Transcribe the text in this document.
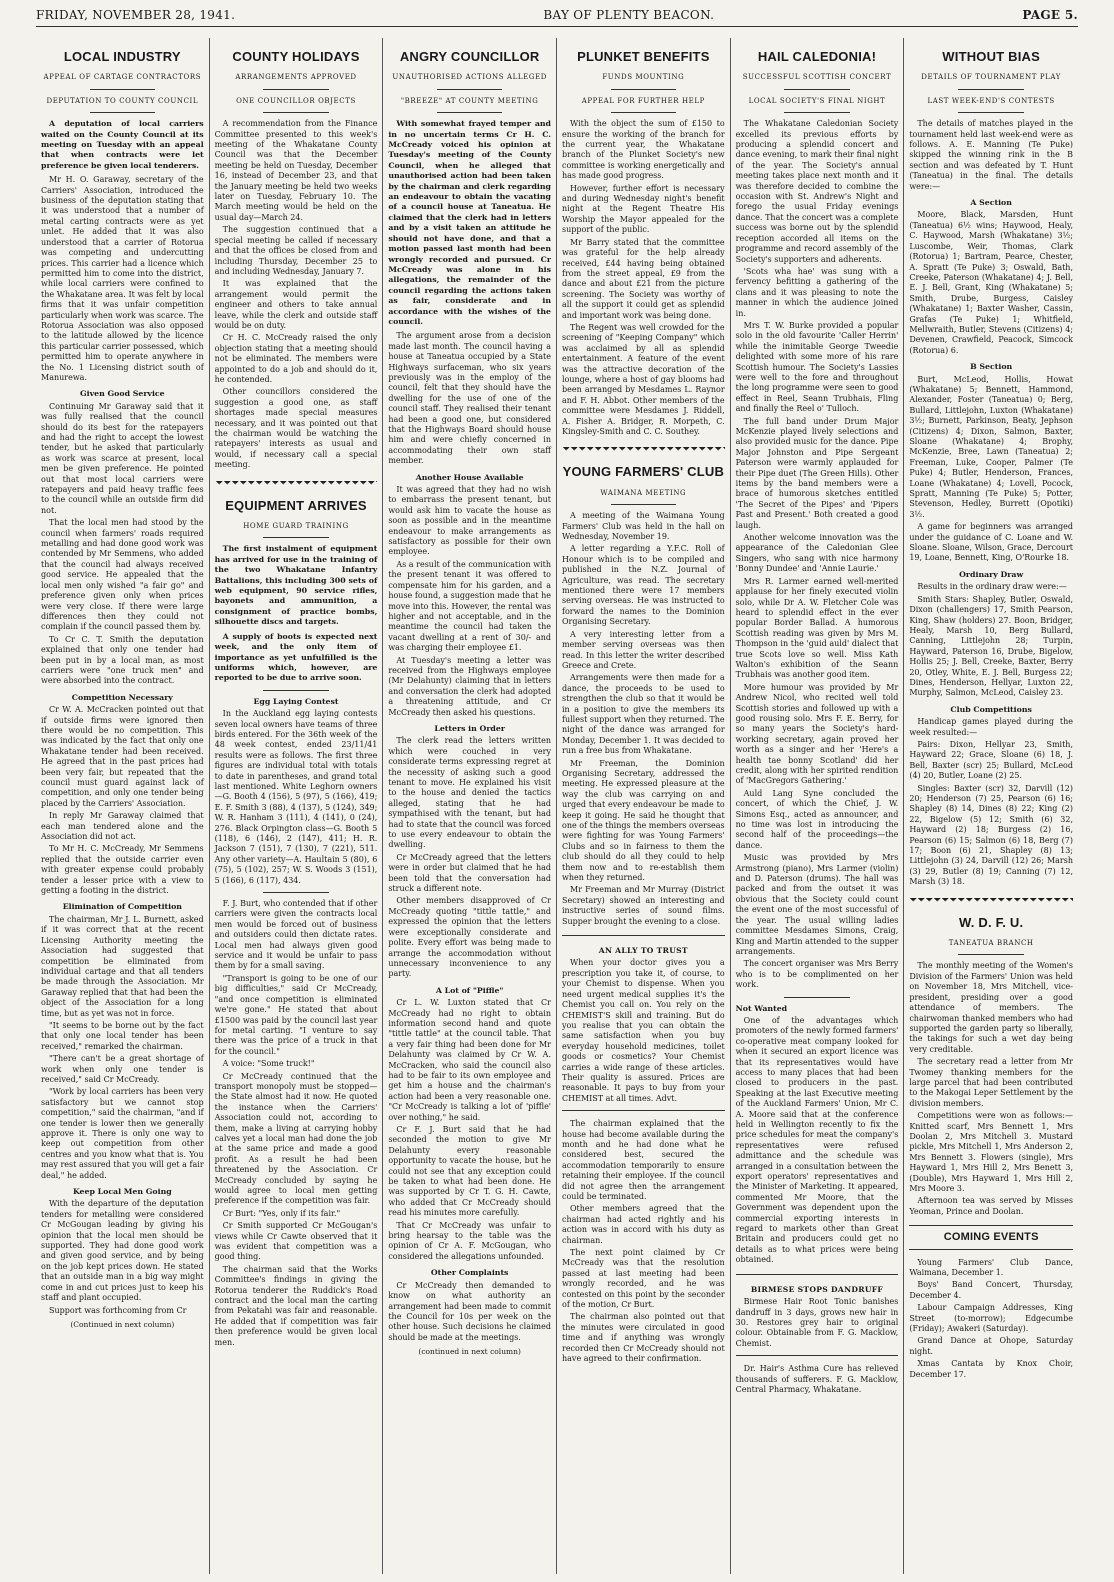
FRIDAY, NOVEMBER 28, 1941.	BAY OF PLENTY BEACON.	PAGE 5.
LOCAL INDUSTRY
APPEAL OF CARTAGE CONTRACTORS
DEPUTATION TO COUNTY COUNCIL

A deputation of local carriers waited on the County Council at its meeting on Tuesday with an appeal that when contracts were let preference be given local tenderers.

Mr H. O. Garaway, secretary of the Carriers' Association, introduced the business of the deputation stating that it was understood that a number of metal carting contracts were as yet unlet. He added that it was also understood that a carrier of Rotorua was competing and undercutting prices. This carrier had a licence which permitted him to come into the district, while local carriers were confined to the Whakatane area. It was felt by local firms that it was unfair competition particularly when work was scarce. The Rotorua Association was also opposed to the latitude allowed by the licence this particular carrier possessed, which permitted him to operate anywhere in the No. 1 Licensing district south of Manurewa.

Given Good Service

Continuing Mr Garaway said that it was fully realised that the council should do its best for the ratepayers and had the right to accept the lowest tender, but he asked that particularly as work was scarce at present, local men be given preference. He pointed out that most local carriers were ratepayers and paid heavy traffic fees to the council while an outside firm did not.

That the local men had stood by the council when farmers' roads required metalling and had done good work was contended by Mr Semmens, who added that the council had always received good service. He appealed that the local men only wished "a fair go" and preference given only when prices were very close. If there were large differences then they could not complain if the council passed them by.

To Cr C. T. Smith the deputation explained that only one tender had been put in by a local man, as most carriers were "one truck men" and were absorbed into the contract.

Competition Necessary

Cr W. A. McCracken pointed out that if outside firms were ignored then there would be no competition. This was indicated by the fact that only one Whakatane tender had been received. He agreed that in the past prices had been very fair, but repeated that the council must guard against lack of competition, and only one tender being placed by the Carriers' Association.

In reply Mr Garaway claimed that each man tendered alone and the Association did not act.

To Mr H. C. McCready, Mr Semmens replied that the outside carrier even with greater expense could probably tender a lesser price with a view to getting a footing in the district.

Elimination of Competition

The chairman, Mr J. L. Burnett, asked if it was correct that at the recent Licensing Authority meeting the Association had suggested that competition be eliminated from individual cartage and that all tenders be made through the Association. Mr Garaway replied that that had been the object of the Association for a long time, but as yet was not in force.

"It seems to be borne out by the fact that only one local tender has been received," remarked the chairman.

"There can't be a great shortage of work when only one tender is received," said Cr McCready.

"Work by local carriers has been very satisfactory but we cannot stop competition," said the chairman, "and if one tender is lower then we generally approve it. There is only one way to keep out competition from other centres and you know what that is. You may rest assured that you will get a fair deal," he added.

Keep Local Men Going

With the departure of the deputation tenders for metalling were considered Cr McGougan leading by giving his opinion that the local men should be supported. They had done good work and given good service, and by being on the job kept prices down. He stated that an outside man in a big way might come in and cut prices just to keep his staff and plant occupied.

Support was forthcoming from Cr

(Continued in next column)
COUNTY HOLIDAYS
ARRANGEMENTS APPROVED
ONE COUNCILLOR OBJECTS

A recommendation from the Finance Committee presented to this week's meeting of the Whakatane County Council was that the December meeting be held on Tuesday, December 16, instead of December 23, and that the January meeting be held two weeks later on Tuesday, February 10. The March meeting would be held on the usual day—March 24.

The suggestion continued that a special meeting be called if necessary and that the offices be closed from and including Thursday, December 25 to and including Wednesday, January 7.

It was explained that the arrangement would permit the engineer and others to take annual leave, while the clerk and outside staff would be on duty.

Cr H. C. McCready raised the only objection stating that a meeting should not be eliminated. The members were appointed to do a job and should do it, he contended.

Other councillors considered the suggestion a good one, as staff shortages made special measures necessary, and it was pointed out that the chairman would be watching the ratepayers' interests as usual and would, if necessary call a special meeting.

EQUIPMENT ARRIVES
HOME GUARD TRAINING

The first instalment of equipment has arrived for use in the training of the two Whakatane Infantry Battalions, this including 300 sets of web equipment, 90 service rifles, bayonets and ammunition, a consignment of practice bombs, silhouette discs and targets.

A supply of boots is expected next week, and the only item of importance as yet unfulfilled is the uniforms which, however, are reported to be due to arrive soon.

Egg Laying Contest

In the Auckland egg laying contests seven local owners have teams of three birds entered. For the 36th week of the 48 week contest, ended 23/11/41 results were as follows. The first three figures are individual total with totals to date in parentheses, and grand total last mentioned. White Leghorn owners—G. Booth 4 (156), 5 (97), 5 (166), 419; E. F. Smith 3 (88), 4 (137), 5 (124), 349; W. R. Hanham 3 (111), 4 (141), 0 (24), 276. Black Orpington class—G. Booth 5 (118), 6 (146), 2 (147), 411; H. R. Jackson 7 (151), 7 (130), 7 (221), 511. Any other variety—A. Haultain 5 (80), 6 (75), 5 (102), 257; W. S. Woods 3 (151), 5 (166), 6 (117), 434.

F. J. Burt, who contended that if other carriers were given the contracts local men would be forced out of business and outsiders could then dictate rates. Local men had always given good service and it would be unfair to pass them by for a small saving.

"Transport is going to be one of our big difficulties," said Cr McCready, "and once competition is eliminated we're gone." He stated that about £1500 was paid by the council last year for metal carting. "I venture to say there was the price of a truck in that for the council."

A voice: "Some truck!"

Cr McCready continued that the transport monopoly must be stopped—the State almost had it now. He quoted the instance when the Carriers' Association could not, according to them, make a living at carrying hobby calves yet a local man had done the job at the same price and made a good profit. As a result he had been threatened by the Association. Cr McCready concluded by saying he would agree to local men getting preference if the competition was fair.

Cr Burt: "Yes, only if its fair."

Cr Smith supported Cr McGougan's views while Cr Cawte observed that it was evident that competition was a good thing.

The chairman said that the Works Committee's findings in giving the Rotorua tenderer the Ruddick's Road contract and the local man the carting from Pekatahi was fair and reasonable. He added that if competition was fair then preference would be given local men.

ANGRY COUNCILLOR
UNAUTHORISED ACTIONS ALLEGED
"BREEZE" AT COUNTY MEETING

With somewhat frayed temper and in no uncertain terms Cr H. C. McCready voiced his opinion at Tuesday's meeting of the County Council, when he alleged that unauthorised action had been taken by the chairman and clerk regarding an endeavour to obtain the vacating of a council house at Taneatua. He claimed that the clerk had in letters and by a visit taken an attitude he should not have done, and that a motion passed last month had been wrongly recorded and pursued. Cr McCready was alone in his allegations, the remainder of the council regarding the actions taken as fair, considerate and in accordance with the wishes of the council.

The argument arose from a decision made last month. The council having a house at Taneatua occupied by a State Highways surfaceman, who six years previously was in the employ of the council, felt that they should have the dwelling for the use of one of the council staff. They realised their tenant had been a good one, but considered that the Highways Board should house him and were chiefly concerned in accommodating their own staff member.

Another House Available

It was agreed that they had no wish to embarrass the present tenant, but would ask him to vacate the house as soon as possible and in the meantime endeavour to make arrangements as satisfactory as possible for their own employee.

As a result of the communication with the present tenant it was offered to compensate him for his garden, and a house found, a suggestion made that he move into this. However, the rental was higher and not acceptable, and in the meantime the council had taken the vacant dwelling at a rent of 30/- and was charging their employee £1.

At Tuesday's meeting a letter was received from the Highways employee (Mr Delahunty) claiming that in letters and conversation the clerk had adopted a threatening attitude, and Cr McCready then asked his questions.

Letters in Order

The clerk read the letters written which were couched in very considerate terms expressing regret at the necessity of asking such a good tenant to move. He explained his visit to the house and denied the tactics alleged, stating that he had sympathised with the tenant, but had had to state that the council was forced to use every endeavour to obtain the dwelling.

Cr McCready agreed that the letters were in order but claimed that he had been told that the conversation had struck a different note.

Other members disapproved of Cr McCready quoting "tittle tattle," and expressed the opinion that the letters were exceptionally considerate and polite. Every effort was being made to arrange the accommodation without unnecessary inconvenience to any party.

A Lot of "Piffle"

Cr L. W. Luxton stated that Cr McCready had no right to obtain information second hand and quote "tittle tattle" at the council table. That a very fair thing had been done for Mr Delahunty was claimed by Cr W. A. McCracken, who said the council also had to be fair to its own employee and get him a house and the chairman's action had been a very reasonable one. "Cr McCready is talking a lot of 'piffle' over nothing," he said.

Cr F. J. Burt said that he had seconded the motion to give Mr Delahunty every reasonable opportunity to vacate the house, but he could not see that any exception could be taken to what had been done. He was supported by Cr T. G. H. Cawte, who added that Cr McCready should read his minutes more carefully.

That Cr McCready was unfair to bring hearsay to the table was the opinion of Cr A. F. McGougan, who considered the allegations unfounded.

Other Complaints

Cr McCready then demanded to know on what authority an arrangement had been made to commit the Council for 10s per week on the other house. Such decisions he claimed should be made at the meetings.

(continued in next column)
PLUNKET BENEFITS
FUNDS MOUNTING
APPEAL FOR FURTHER HELP

With the object the sum of £150 to ensure the working of the branch for the current year, the Whakatane branch of the Plunket Society's new committee is working energetically and has made good progress.

However, further effort is necessary and during Wednesday night's benefit night at the Regent Theatre His Worship the Mayor appealed for the support of the public.

Mr Barry stated that the committee was grateful for the help already received, £44 having being obtained from the street appeal, £9 from the dance and about £21 from the picture screening. The Society was worthy of all the support it could get as splendid and important work was being done.

The Regent was well crowded for the screening of "Keeping Company" which was acclaimed by all as splendid entertainment. A feature of the event was the attractive decoration of the lounge, where a host of gay blooms had been arranged by Mesdames L. Raynor and F. H. Abbot. Other members of the committee were Mesdames J. Riddell, A. Fisher A. Bridger, R. Morpeth, C. Kingsley-Smith and C. C. Southey.

YOUNG FARMERS' CLUB
WAIMANA MEETING

A meeting of the Waimana Young Farmers' Club was held in the hall on Wednesday, November 19.

A letter regarding a Y.F.C. Roll of Honour which is to be compiled and published in the N.Z. Journal of Agriculture, was read. The secretary mentioned there were 17 members serving overseas. He was instructed to forward the names to the Dominion Organising Secretary.

A very interesting letter from a member serving overseas was then read. In this letter the writer described Greece and Crete.

Arrangements were then made for a dance, the proceeds to be used to strengthen the club so that it would be in a position to give the members its fullest support when they returned. The night of the dance was arranged for Monday, December 1. It was decided to run a free bus from Whakatane.

Mr Freeman, the Dominion Organising Secretary, addressed the meeting. He expressed pleasure at the way the club was carrying on and urged that every endeavour be made to keep it going. He said he thought that one of the things the members overseas were fighting for was Young Farmers' Clubs and so in fairness to them the club should do all they could to help them now and to re-establish them when they returned.

Mr Freeman and Mr Murray (District Secretary) showed an interesting and instructive series of sound films. Supper brought the evening to a close.

AN ALLY TO TRUST

When your doctor gives you a prescription you take it, of course, to your Chemist to dispense. When you need urgent medical supplies it's the Chemist you call on. You rely on the CHEMIST'S skill and training. But do you realise that you can obtain the same satisfaction when you buy everyday household medicines, toilet goods or cosmetics? Your Chemist carries a wide range of these articles. Their quality is assured. Prices are reasonable. It pays to buy from your CHEMIST at all times. Advt.

The chairman explained that the house had become available during the month and he had done what he considered best, secured the accommodation temporarily to ensure retaining their employee. If the council did not agree then the arrangement could be terminated.

Other members agreed that the chairman had acted rightly and his action was in accord with his duty as chairman.

The next point claimed by Cr McCready was that the resolution passed at last meeting had been wrongly recorded, and he was contested on this point by the seconder of the motion, Cr Burt.

The chairman also pointed out that the minutes were circulated in good time and if anything was wrongly recorded then Cr McCready should not have agreed to their confirmation.

HAIL CALEDONIA!
SUCCESSFUL SCOTTISH CONCERT
LOCAL SOCIETY'S FINAL NIGHT

The Whakatane Caledonian Society excelled its previous efforts by producing a splendid concert and dance evening, to mark their final night of the year. The Society's annual meeting takes place next month and it was therefore decided to combine the occasion with St. Andrew's Night and forego the usual Friday evenings dance. That the concert was a complete success was borne out by the splendid reception accorded all items on the programme and record assembly of the Society's supporters and adherents.

'Scots wha hae' was sung with a fervency befitting a gathering of the clans and it was pleasing to note the manner in which the audience joined in.

Mrs T. W. Burke provided a popular solo in the old favourite 'Caller Herrin' while the inimitable George Tweedie delighted with some more of his rare Scottish humour. The Society's Lassies were well to the fore and throughout the long programme were seen to good effect in Reel, Seann Trubhais, Fling and finally the Reel o' Tulloch.

The full band under Drum Major McKenzie played lively selections and also provided music for the dance. Pipe Major Johnston and Pipe Sergeant Paterson were warmly applauded for their Pipe duet (The Green Hills). Other items by the band members were a brace of humorous sketches entitled 'The Secret of the Pipes' and 'Pipers Past and Present.' Both created a good laugh.

Another welcome innovation was the appearance of the Caledonian Glee Singers, who sang with nice harmony 'Bonny Dundee' and 'Annie Laurie.'

Mrs R. Larmer earned well-merited applause for her finely executed violin solo, while Dr A. W. Fletcher Cole was heard to splendid effect in the ever popular Border Ballad. A humorous Scottish reading was given by Mrs M. Thompson in the 'guid auld' dialect that true Scots love so well. Miss Kath Walton's exhibition of the Seann Trubhais was another good item.

More humour was provided by Mr Andrew Nicol, who recited well told Scottish stories and followed up with a good rousing solo. Mrs F. E. Berry, for so many years the Society's hard-working secretary, again proved her worth as a singer and her 'Here's a health tae bonny Scotland' did her credit, along with her spirited rendition of 'MacGregors Gathering.'

Auld Lang Syne concluded the concert, of which the Chief, J. W. Simons Esq., acted as announcer, and no time was lost in introducing the second half of the proceedings—the dance.

Music was provided by Mrs Armstrong (piano), Mrs Larmer (violin) and D. Paterson (drums). The hall was packed and from the outset it was obvious that the Society could count the event one of the most successful of the year. The usual willing ladies committee Mesdames Simons, Craig, King and Martin attended to the supper arrangements.

The concert organiser was Mrs Berry who is to be complimented on her work.

Not Wanted

One of the advantages which promoters of the newly formed farmers' co-operative meat company looked for when it secured an export licence was that its representatives would have access to many places that had been closed to producers in the past. Speaking at the last Executive meeting of the Auckland Farmers' Union, Mr C. A. Moore said that at the conference held in Wellington recently to fix the price schedules for meat the company's representatives were refused admittance and the schedule was arranged in a consultation between the export operators' representatives and the Minister of Marketing. It appeared, commented Mr Moore, that the Government was dependent upon the commercial exporting interests in regard to markets other than Great Britain and producers could get no details as to what prices were being obtained.

BIRMESE STOPS DANDRUFF

Birmese Hair Root Tonic banishes dandruff in 3 days, grows new hair in 30. Restores grey hair to original colour. Obtainable from F. G. Macklow, Chemist.

Dr. Hair's Asthma Cure has relieved thousands of sufferers. F. G. Macklow, Central Pharmacy, Whakatane.

WITHOUT BIAS
DETAILS OF TOURNAMENT PLAY
LAST WEEK-END'S CONTESTS

The details of matches played in the tournament held last week-end were as follows. A. E. Manning (Te Puke) skipped the winning rink in the B section and was defeated by T. Hunt (Taneatua) in the final. The details were:—

A Section

Moore, Black, Marsden, Hunt (Taneatua) 6½ wins; Haywood, Healy, C. Haywood, Marsh (Whakatane) 3½; Luscombe, Weir, Thomas, Clark (Rotorua) 1; Bartram, Pearce, Chester, A. Spratt (Te Puke) 3; Oswald, Bath, Creeke, Paterson (Whakatane) 4; J. Bell, E. J. Bell, Grant, King (Whakatane) 5; Smith, Drube, Burgess, Caisley (Whakatane) 1; Baxter Washer, Cassin, Grafas (Te Puke) 1; Whitfield, Mellwraith, Butler, Stevens (Citizens) 4; Devenen, Crawfield, Peacock, Simcock (Rotorua) 6.

B Section

Burt, McLeod, Hollis, Howat (Whakatane) 5; Bennett, Hammond, Alexander, Foster (Taneatua) 0; Berg, Bullard, Littlejohn, Luxton (Whakatane) 3½; Burnett, Parkinson, Beaty, Jephson (Citizens) 4; Dixon, Salmon, Baxter, Sloane (Whakatane) 4; Brophy, McKenzie, Bree, Lawn (Taneatua) 2; Freeman, Luke, Cooper, Palmer (Te Puke) 4; Butler, Henderson, Frances, Loane (Whakatane) 4; Lovell, Pocock, Spratt, Manning (Te Puke) 5; Potter, Stevenson, Hedley, Burrett (Opotiki) 3½.

A game for beginners was arranged under the guidance of C. Loane and W. Sloane. Sloane, Wilson, Grace, Dercourt 19, Loane, Bennett, King, O'Rourke 18.

Ordinary Draw

Results in the ordinary draw were:—

Smith Stars: Shapley, Butler, Oswald, Dixon (challengers) 17, Smith Pearson, King, Shaw (holders) 27. Boon, Bridger, Healy, Marsh 10, Berg Bullard, Canning, Littlejohn 28; Turpin, Hayward, Paterson 16, Drube, Bigelow, Hollis 25; J. Bell, Creeke, Baxter, Berry 20, Otley, White, E. J. Bell, Burgess 22; Dines, Henderson, Hellyar, Luxton 22, Murphy, Salmon, McLeod, Caisley 23.

Club Competitions

Handicap games played during the week resulted:—

Pairs: Dixon, Hellyar 23, Smith, Hayward 22; Grace, Sloane (6) 18, J. Bell, Baxter (scr) 25; Bullard, McLeod (4) 20, Butler, Loane (2) 25.

Singles: Baxter (scr) 32, Darvill (12) 20; Henderson (7) 25, Pearson (6) 16; Shapley (8) 14, Dines (8) 22; King (2) 22, Bigelow (5) 12; Smith (6) 32, Hayward (2) 18; Burgess (2) 16, Pearson (6) 15; Salmon (6) 18, Berg (7) 17; Boon (6) 21, Shapley (8) 13; Littlejohn (3) 24, Darvill (12) 26; Marsh (3) 29, Butler (8) 19; Canning (7) 12, Marsh (3) 18.

W. D. F. U.
TANEATUA BRANCH

The monthly meeting of the Women's Division of the Farmers' Union was held on November 18, Mrs Mitchell, vice-president, presiding over a good attendance of members. The chairwoman thanked members who had supported the garden party so liberally, the takings for such a wet day being very creditable.

The secretary read a letter from Mr Twomey thanking members for the large parcel that had been contributed to the Makogai Leper Settlement by the division members.

Competitions were won as follows:—Knitted scarf, Mrs Bennett 1, Mrs Doolan 2, Mrs Mitchell 3. Mustard pickle, Mrs Mitchell 1, Mrs Anderson 2, Mrs Bennett 3. Flowers (single), Mrs Hayward 1, Mrs Hill 2, Mrs Benett 3, (Double), Mrs Hayward 1, Mrs Hill 2, Mrs Moore 3.

Afternoon tea was served by Misses Yeoman, Prince and Doolan.

COMING EVENTS

Young Farmers' Club Dance, Waimana, December 1.

Boys' Band Concert, Thursday, December 4.

Labour Campaign Addresses, King Street (to-morrow); Edgecumbe (Friday); Awakeri (Saturday).

Grand Dance at Ohope, Saturday night.

Xmas Cantata by Knox Choir, December 17.
